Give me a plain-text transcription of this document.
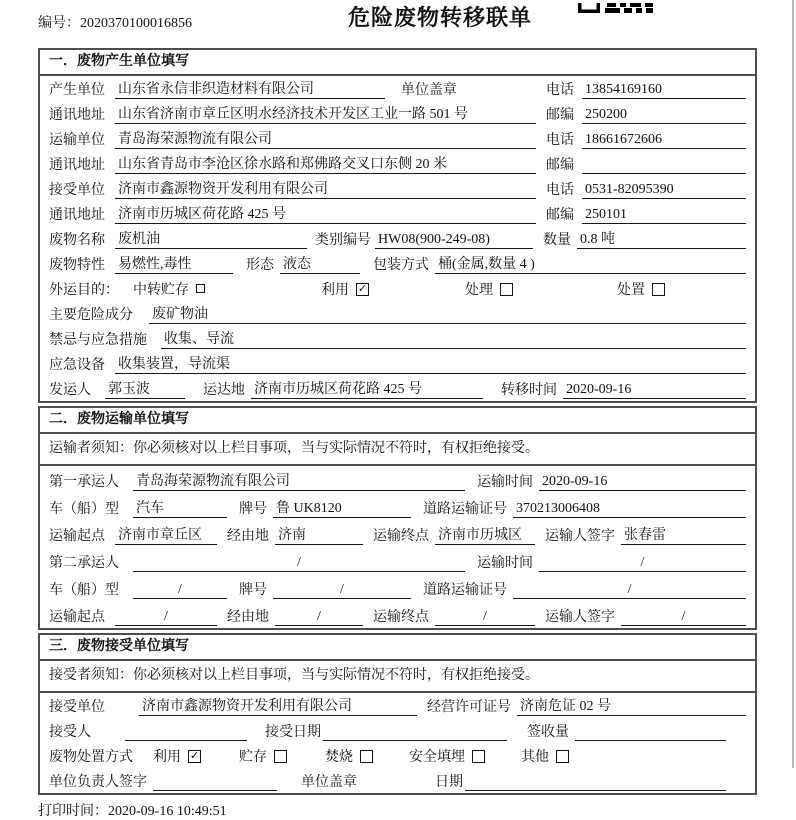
编号：2020370100016856	危险废物转移联单
一．废物产生单位填写
产生单位 山东省永信非织造材料有限公司	单位盖章	电话 13854169160
通讯地址 山东省济南市章丘区明水经济技术开发区工业一路 501 号	邮编 250200
运输单位 青岛海荣源物流有限公司	电话 18661672606
通讯地址 山东省青岛市李沧区徐水路和郑佛路交叉口东侧 20 米	邮编
接受单位 济南市鑫源物资开发利用有限公司	电话 0531-82095390
通讯地址 济南市历城区荷花路 425 号	邮编 250101
废物名称 废机油	类别编号 HW08(900-249-08)	数量 0.8 吨
废物特性 易燃性,毒性	形态 液态	包装方式 桶(金属,数量 4 )
外运目的：	中转贮存	利用 ✓	处理	处置
主要危险成分	废矿物油
禁忌与应急措施	收集、导流
应急设备 收集装置，导流渠
发运人	郭玉波	运达地 济南市历城区荷花路 425 号	转移时间 2020-09-16
二．废物运输单位填写
运输者须知：你必须核对以上栏目事项，当与实际情况不符时，有权拒绝接受。
第一承运人	青岛海荣源物流有限公司	运输时间 2020-09-16
车（船）型	汽车	牌号 鲁 UK8120	道路运输证号 370213006408
运输起点 济南市章丘区	经由地 济南	运输终点 济南市历城区	运输人签字 张春雷
第二承运人	/	运输时间	/
车（船）型	/	牌号	/	道路运输证号	/
运输起点	/	经由地	/	运输终点	/	运输人签字	/
三．废物接受单位填写
接受者须知：你必须核对以上栏目事项，当与实际情况不符时，有权拒绝接受。
接受单位	济南市鑫源物资开发利用有限公司	经营许可证号 济南危证 02 号
接受人	接受日期	签收量
废物处置方式	利用 ✓	贮存	焚烧	安全填埋	其他
单位负责人签字	单位盖章	日期
打印时间：2020-09-16 10:49:51
